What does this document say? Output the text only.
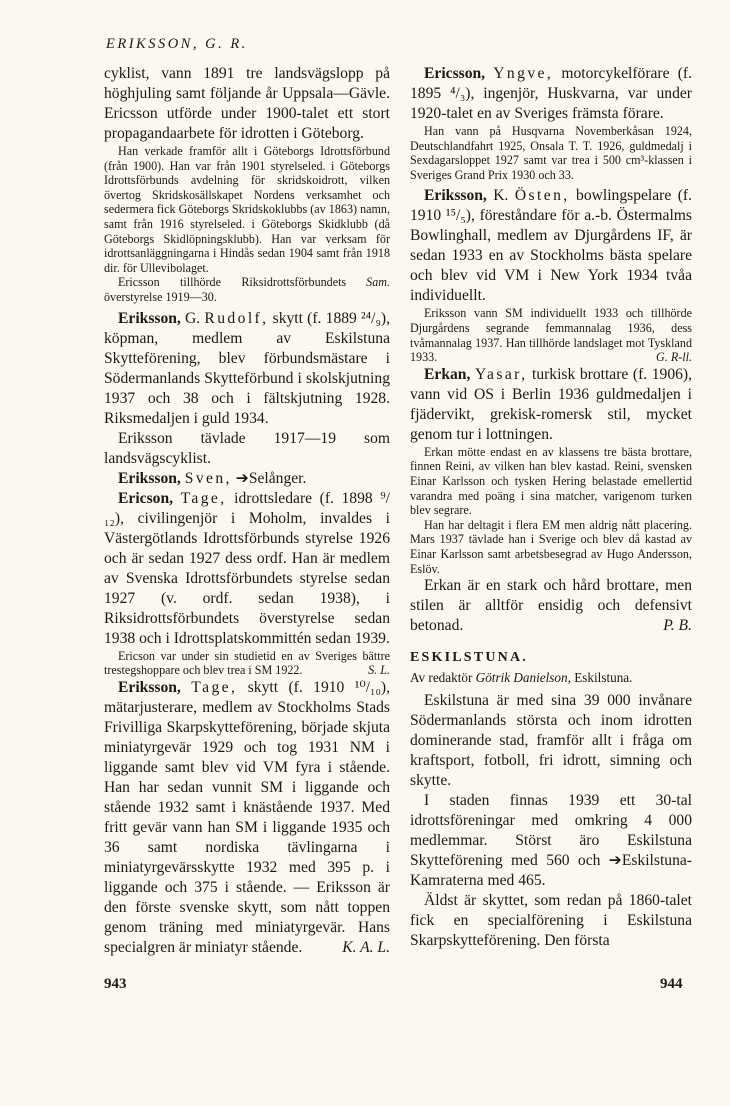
ERIKSSON, G. R.

cyklist, vann 1891 tre landsvägslopp på höghjuling samt följande år Uppsala—Gävle. Ericsson utförde under 1900-talet ett stort propagandaarbete för idrotten i Göteborg.

Han verkade framför allt i Göteborgs Idrottsförbund (från 1900). Han var från 1901 styrelseled. i Göteborgs Idrottsförbunds avdelning för skridskoidrott, vilken övertog Skridskosällskapet Nordens verksamhet och sedermera fick Göteborgs Skridskoklubbs (av 1863) namn, samt från 1916 styrelseled. i Göteborgs Skidklubb (då Göteborgs Skidlöpningsklubb). Han var verksam för idrottsanläggningarna i Hindås sedan 1904 samt från 1918 dir. för Ullevibolaget.

Sam.
Ericsson tillhörde Riksidrottsförbundets överstyrelse 1919—30.

Eriksson, G. Rudolf, skytt (f. 1889 ²⁴/₉), köpman, medlem av Eskilstuna Skytteförening, blev förbundsmästare i Södermanlands Skytteförbund i skolskjutning 1937 och 38 och i fältskjutning 1928. Riksmedaljen i guld 1934.

Eriksson tävlade 1917—19 som landsvägscyklist.

Eriksson, Sven, ➔Selånger.

Ericson, Tage, idrottsledare (f. 1898 ⁹/₁₂), civilingenjör i Moholm, invaldes i Västergötlands Idrottsförbunds styrelse 1926 och är sedan 1927 dess ordf. Han är medlem av Svenska Idrottsförbundets styrelse sedan 1927 (v. ordf. sedan 1938), i Riksidrottsförbundets överstyrelse sedan 1938 och i Idrottsplatskommittén sedan 1939.

Ericson var under sin studietid en av Sveriges bättre trestegshoppare och blev trea i SM 1922.	S. L.

Eriksson, Tage, skytt (f. 1910 ¹⁰/₁₀), mätarjusterare, medlem av Stockholms Stads Frivilliga Skarpskytteförening, började skjuta miniatyrgevär 1929 och tog 1931 NM i liggande samt blev vid VM fyra i stående. Han har sedan vunnit SM i liggande och stående 1932 samt i knästående 1937. Med fritt gevär vann han SM i liggande 1935 och 36 samt nordiska tävlingarna i miniatyrgevärsskytte 1932 med 395 p. i liggande och 375 i stående. — Eriksson är den förste svenske skytt, som nått toppen genom träning med miniatyrgevär. Hans specialgren är miniatyr stående.	K. A. L.

Ericsson, Yngve, motorcykelförare (f. 1895 ⁴/₃), ingenjör, Huskvarna, var under 1920-talet en av Sveriges främsta förare.

Han vann på Husqvarna Novemberkåsan 1924, Deutschlandfahrt 1925, Onsala T. T. 1926, guldmedalj i Sexdagarsloppet 1927 samt var trea i 500 cm³-klassen i Sveriges Grand Prix 1930 och 33.

Eriksson, K. Östen, bowlingspelare (f. 1910 ¹⁵/₅), föreståndare för a.-b. Östermalms Bowlinghall, medlem av Djurgårdens IF, är sedan 1933 en av Stockholms bästa spelare och blev vid VM i New York 1934 tvåa individuellt.

Eriksson vann SM individuellt 1933 och tillhörde Djurgårdens segrande femmannalag 1936, dess tvåmannalag 1937. Han tillhörde landslaget mot Tyskland 1933.	G. R-ll.

Erkan, Yasar, turkisk brottare (f. 1906), vann vid OS i Berlin 1936 guldmedaljen i fjädervikt, grekisk-romersk stil, mycket genom tur i lottningen.

Erkan mötte endast en av klassens tre bästa brottare, finnen Reini, av vilken han blev kastad. Reini, svensken Einar Karlsson och tysken Hering belastade emellertid varandra med poäng i sina matcher, varigenom turken blev segrare.

Han har deltagit i flera EM men aldrig nått placering. Mars 1937 tävlade han i Sverige och blev då kastad av Einar Karlsson samt arbetsbesegrad av Hugo Andersson, Eslöv.

Erkan är en stark och hård brottare, men stilen är alltför ensidig och defensivt betonad.	P. B.

ESKILSTUNA.
Av redaktör Götrik Danielson, Eskilstuna.

Eskilstuna är med sina 39 000 invånare Södermanlands största och inom idrotten dominerande stad, framför allt i fråga om kraftsport, fotboll, fri idrott, simning och skytte.

I staden finnas 1939 ett 30-tal idrottsföreningar med omkring 4 000 medlemmar. Störst äro Eskilstuna Skytteförening med 560 och ➔Eskilstuna-Kamraterna med 465.

Äldst är skyttet, som redan på 1860-talet fick en specialförening i Eskilstuna Skarpskytteförening. Den första

943	944
